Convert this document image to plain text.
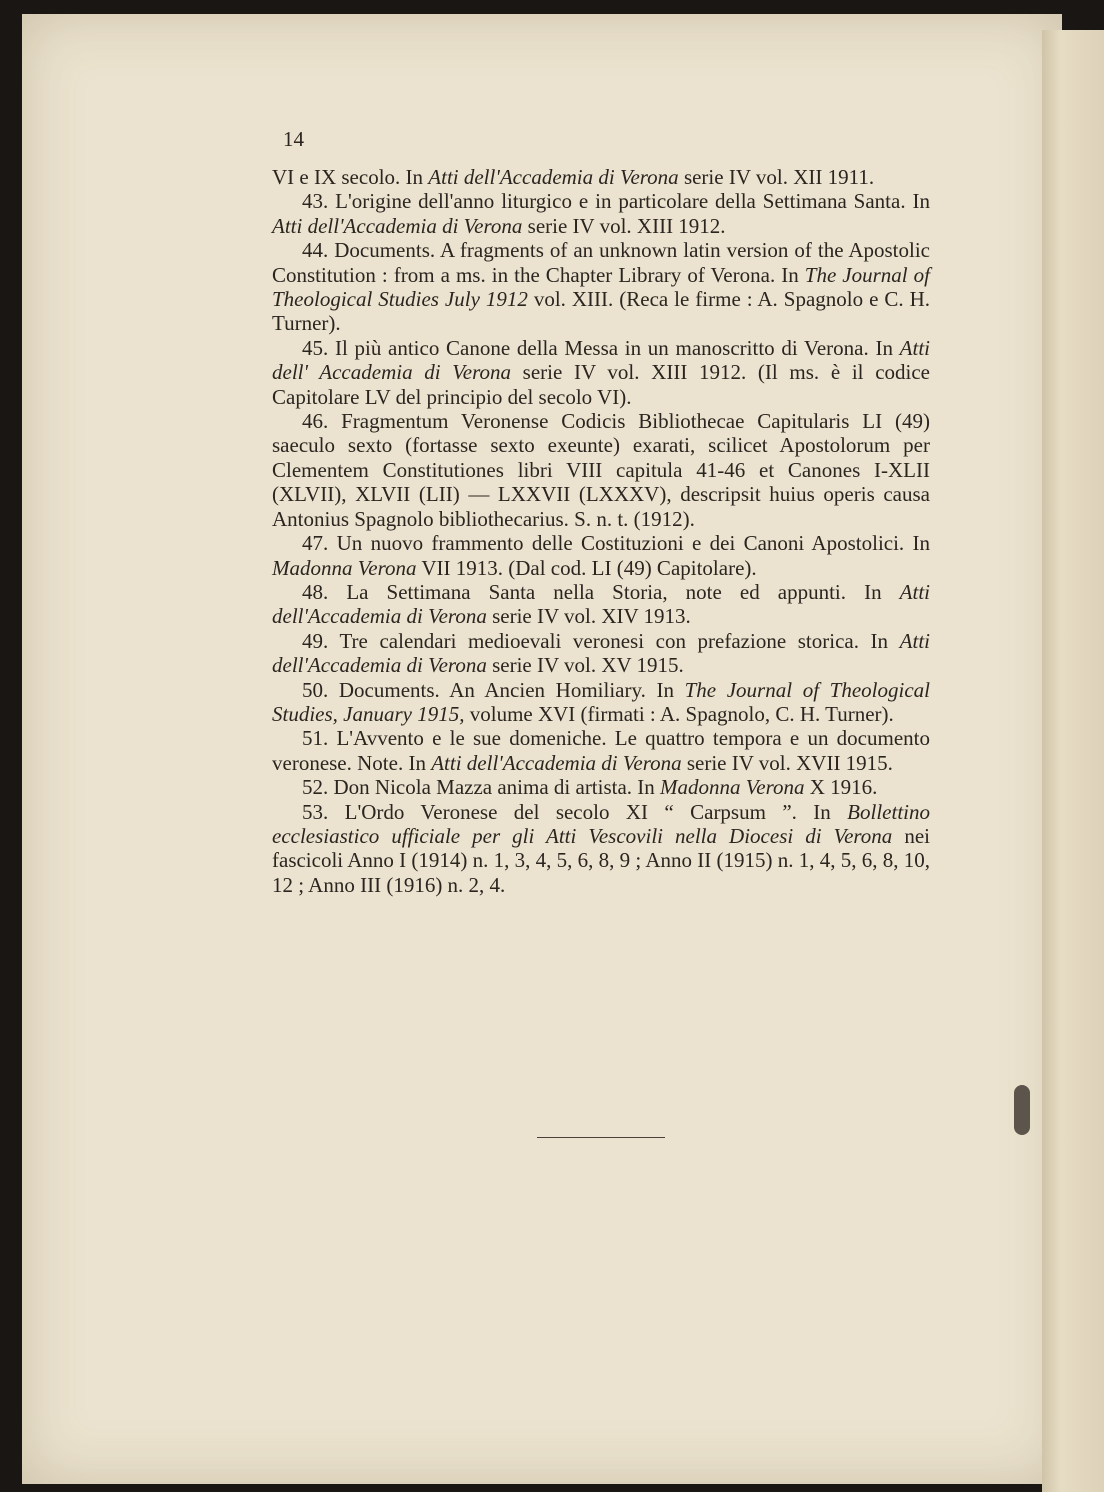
14

VI e IX secolo. In Atti dell'Accademia di Verona serie IV vol. XII 1911.

43. L'origine dell'anno liturgico e in particolare della Settimana Santa. In Atti dell'Accademia di Verona serie IV vol. XIII 1912.

44. Documents. A fragments of an unknown latin version of the Apostolic Constitution : from a ms. in the Chapter Library of Verona. In The Journal of Theological Studies July 1912 vol. XIII. (Reca le firme : A. Spagnolo e C. H. Turner).

45. Il più antico Canone della Messa in un manoscritto di Verona. In Atti dell' Accademia di Verona serie IV vol. XIII 1912. (Il ms. è il codice Capitolare LV del principio del secolo VI).

46. Fragmentum Veronense Codicis Bibliothecae Capitularis LI (49) saeculo sexto (fortasse sexto exeunte) exarati, scilicet Apostolorum per Clementem Constitutiones libri VIII capitula 41-46 et Canones I-XLII (XLVII), XLVII (LII) — LXXVII (LXXXV), descripsit huius operis causa Antonius Spagnolo bibliothecarius. S. n. t. (1912).

47. Un nuovo frammento delle Costituzioni e dei Canoni Apostolici. In Madonna Verona VII 1913. (Dal cod. LI (49) Capitolare).

48. La Settimana Santa nella Storia, note ed appunti. In Atti dell'Accademia di Verona serie IV vol. XIV 1913.

49. Tre calendari medioevali veronesi con prefazione storica. In Atti dell'Accademia di Verona serie IV vol. XV 1915.

50. Documents. An Ancien Homiliary. In The Journal of Theological Studies, January 1915, volume XVI (firmati : A. Spagnolo, C. H. Turner).

51. L'Avvento e le sue domeniche. Le quattro tempora e un documento veronese. Note. In Atti dell'Accademia di Verona serie IV vol. XVII 1915.

52. Don Nicola Mazza anima di artista. In Madonna Verona X 1916.

53. L'Ordo Veronese del secolo XI “ Carpsum ”. In Bollettino ecclesiastico ufficiale per gli Atti Vescovili nella Diocesi di Verona nei fascicoli Anno I (1914) n. 1, 3, 4, 5, 6, 8, 9 ; Anno II (1915) n. 1, 4, 5, 6, 8, 10, 12 ; Anno III (1916) n. 2, 4.
